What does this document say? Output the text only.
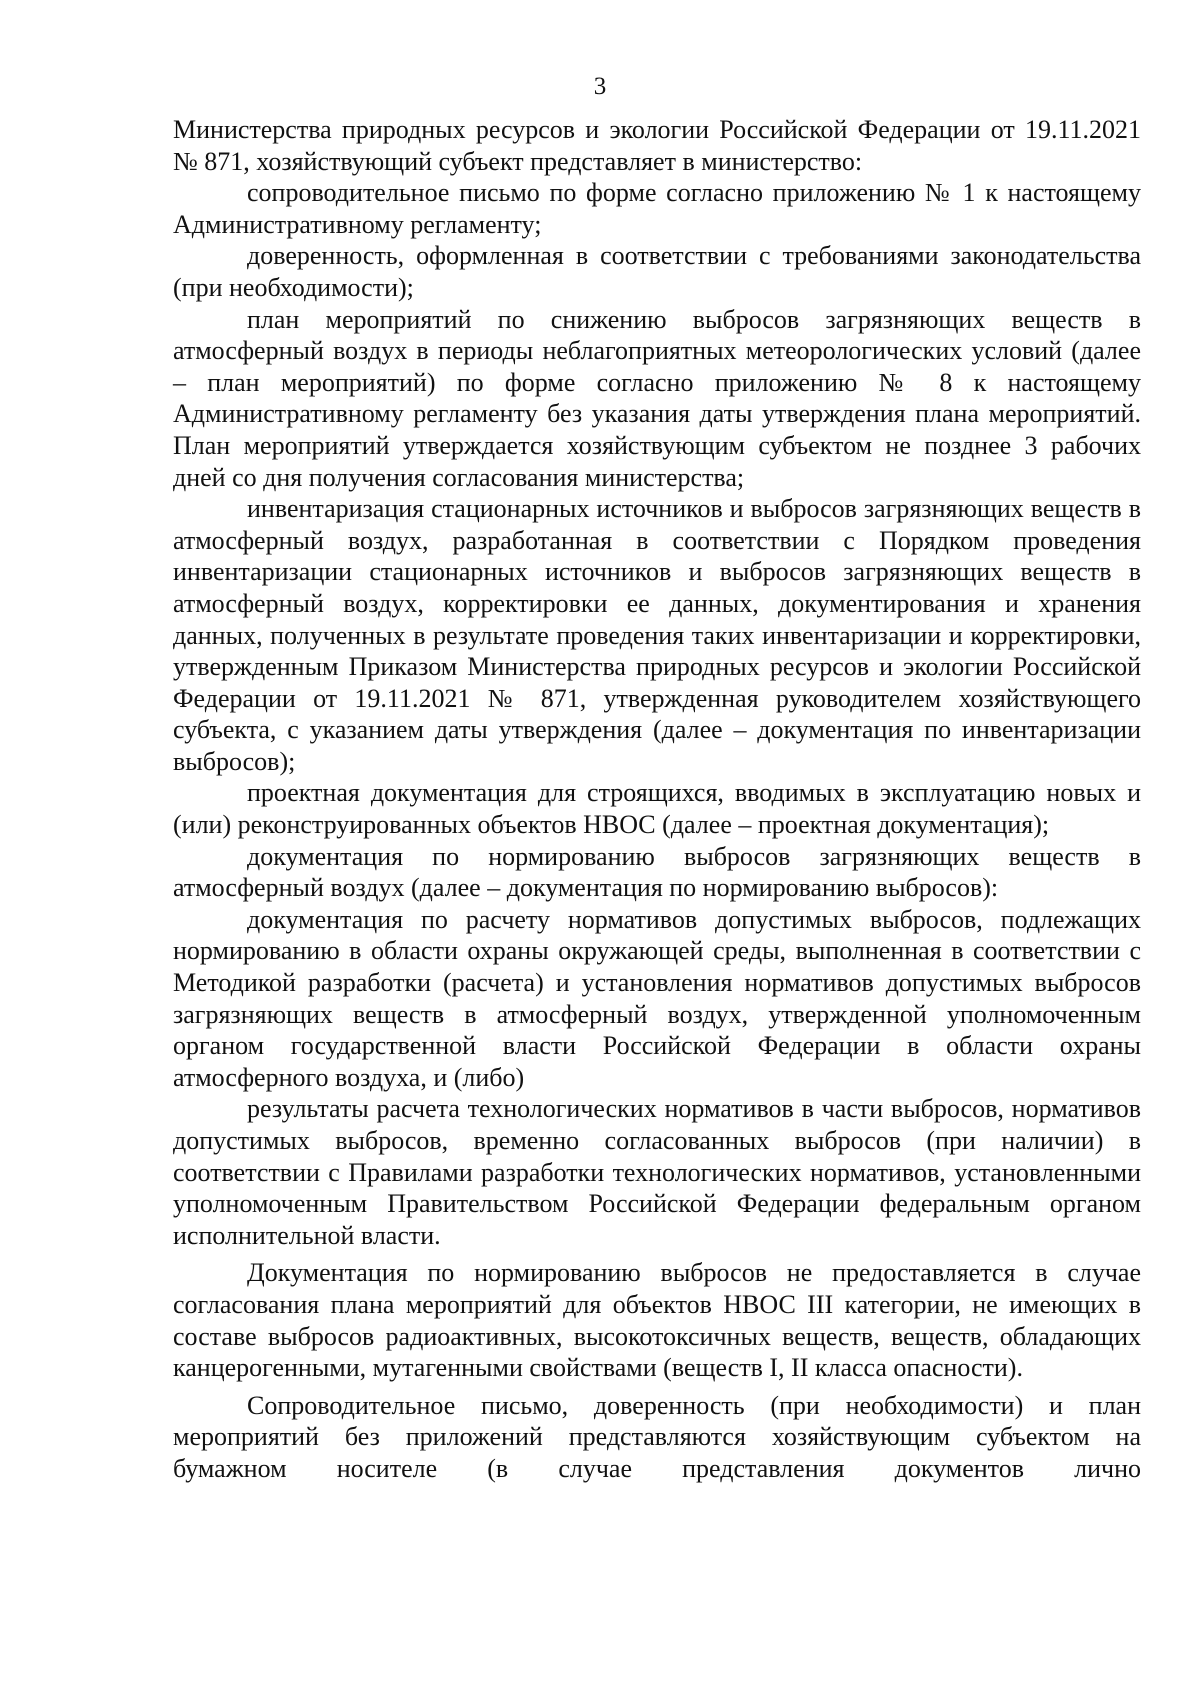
3

Министерства природных ресурсов и экологии Российской Федерации от 19.11.2021 № 871, хозяйствующий субъект представляет в министерство:

сопроводительное письмо по форме согласно приложению № 1 к настоящему Административному регламенту;

доверенность, оформленная в соответствии с требованиями законодательства (при необходимости);

план мероприятий по снижению выбросов загрязняющих веществ в атмосферный воздух в периоды неблагоприятных метеорологических условий (далее – план мероприятий) по форме согласно приложению № 8 к настоящему Административному регламенту без указания даты утверждения плана мероприятий. План мероприятий утверждается хозяйствующим субъектом не позднее 3 рабочих дней со дня получения согласования министерства;

инвентаризация стационарных источников и выбросов загрязняющих веществ в атмосферный воздух, разработанная в соответствии с Порядком проведения инвентаризации стационарных источников и выбросов загрязняющих веществ в атмосферный воздух, корректировки ее данных, документирования и хранения данных, полученных в результате проведения таких инвентаризации и корректировки, утвержденным Приказом Министерства природных ресурсов и экологии Российской Федерации от 19.11.2021 № 871, утвержденная руководителем хозяйствующего субъекта, с указанием даты утверждения (далее – документация по инвентаризации выбросов);

проектная документация для строящихся, вводимых в эксплуатацию новых и (или) реконструированных объектов НВОС (далее – проектная документация);

документация по нормированию выбросов загрязняющих веществ в атмосферный воздух (далее – документация по нормированию выбросов):

документация по расчету нормативов допустимых выбросов, подлежащих нормированию в области охраны окружающей среды, выполненная в соответствии с Методикой разработки (расчета) и установления нормативов допустимых выбросов загрязняющих веществ в атмосферный воздух, утвержденной уполномоченным органом государственной власти Российской Федерации в области охраны атмосферного воздуха, и (либо)

результаты расчета технологических нормативов в части выбросов, нормативов допустимых выбросов, временно согласованных выбросов (при наличии) в соответствии с Правилами разработки технологических нормативов, установленными уполномоченным Правительством Российской Федерации федеральным органом исполнительной власти.

Документация по нормированию выбросов не предоставляется в случае согласования плана мероприятий для объектов НВОС III категории, не имеющих в составе выбросов радиоактивных, высокотоксичных веществ, веществ, обладающих канцерогенными, мутагенными свойствами (веществ I, II класса опасности).

Сопроводительное письмо, доверенность (при необходимости) и план мероприятий без приложений представляются хозяйствующим субъектом на бумажном носителе (в случае представления документов лично
